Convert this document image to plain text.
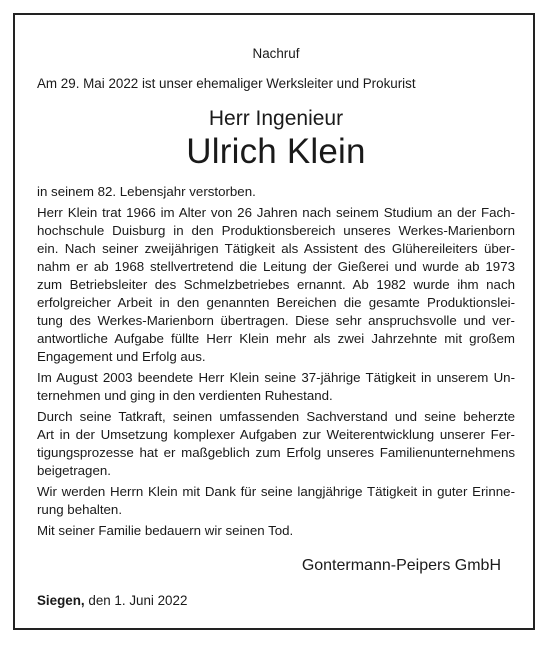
Nachruf
Am 29. Mai 2022 ist unser ehemaliger Werksleiter und Prokurist
Herr Ingenieur
Ulrich Klein
in seinem 82. Lebensjahr verstorben.
Herr Klein trat 1966 im Alter von 26 Jahren nach seinem Studium an der Fach-
hochschule Duisburg in den Produktionsbereich unseres Werkes-Marienborn
ein. Nach seiner zweijährigen Tätigkeit als Assistent des Glühereileiters über-
nahm er ab 1968 stellvertretend die Leitung der Gießerei und wurde ab 1973
zum Betriebsleiter des Schmelzbetriebes ernannt. Ab 1982 wurde ihm nach
erfolgreicher Arbeit in den genannten Bereichen die gesamte Produktionslei-
tung des Werkes-Marienborn übertragen. Diese sehr anspruchsvolle und ver-
antwortliche Aufgabe füllte Herr Klein mehr als zwei Jahrzehnte mit großem
Engagement und Erfolg aus.
Im August 2003 beendete Herr Klein seine 37-jährige Tätigkeit in unserem Un-
ternehmen und ging in den verdienten Ruhestand.
Durch seine Tatkraft, seinen umfassenden Sachverstand und seine beherzte
Art in der Umsetzung komplexer Aufgaben zur Weiterentwicklung unserer Fer-
tigungsprozesse hat er maßgeblich zum Erfolg unseres Familienunternehmens
beigetragen.
Wir werden Herrn Klein mit Dank für seine langjährige Tätigkeit in guter Erinne-
rung behalten.
Mit seiner Familie bedauern wir seinen Tod.
Gontermann-Peipers GmbH
Siegen, den 1. Juni 2022
